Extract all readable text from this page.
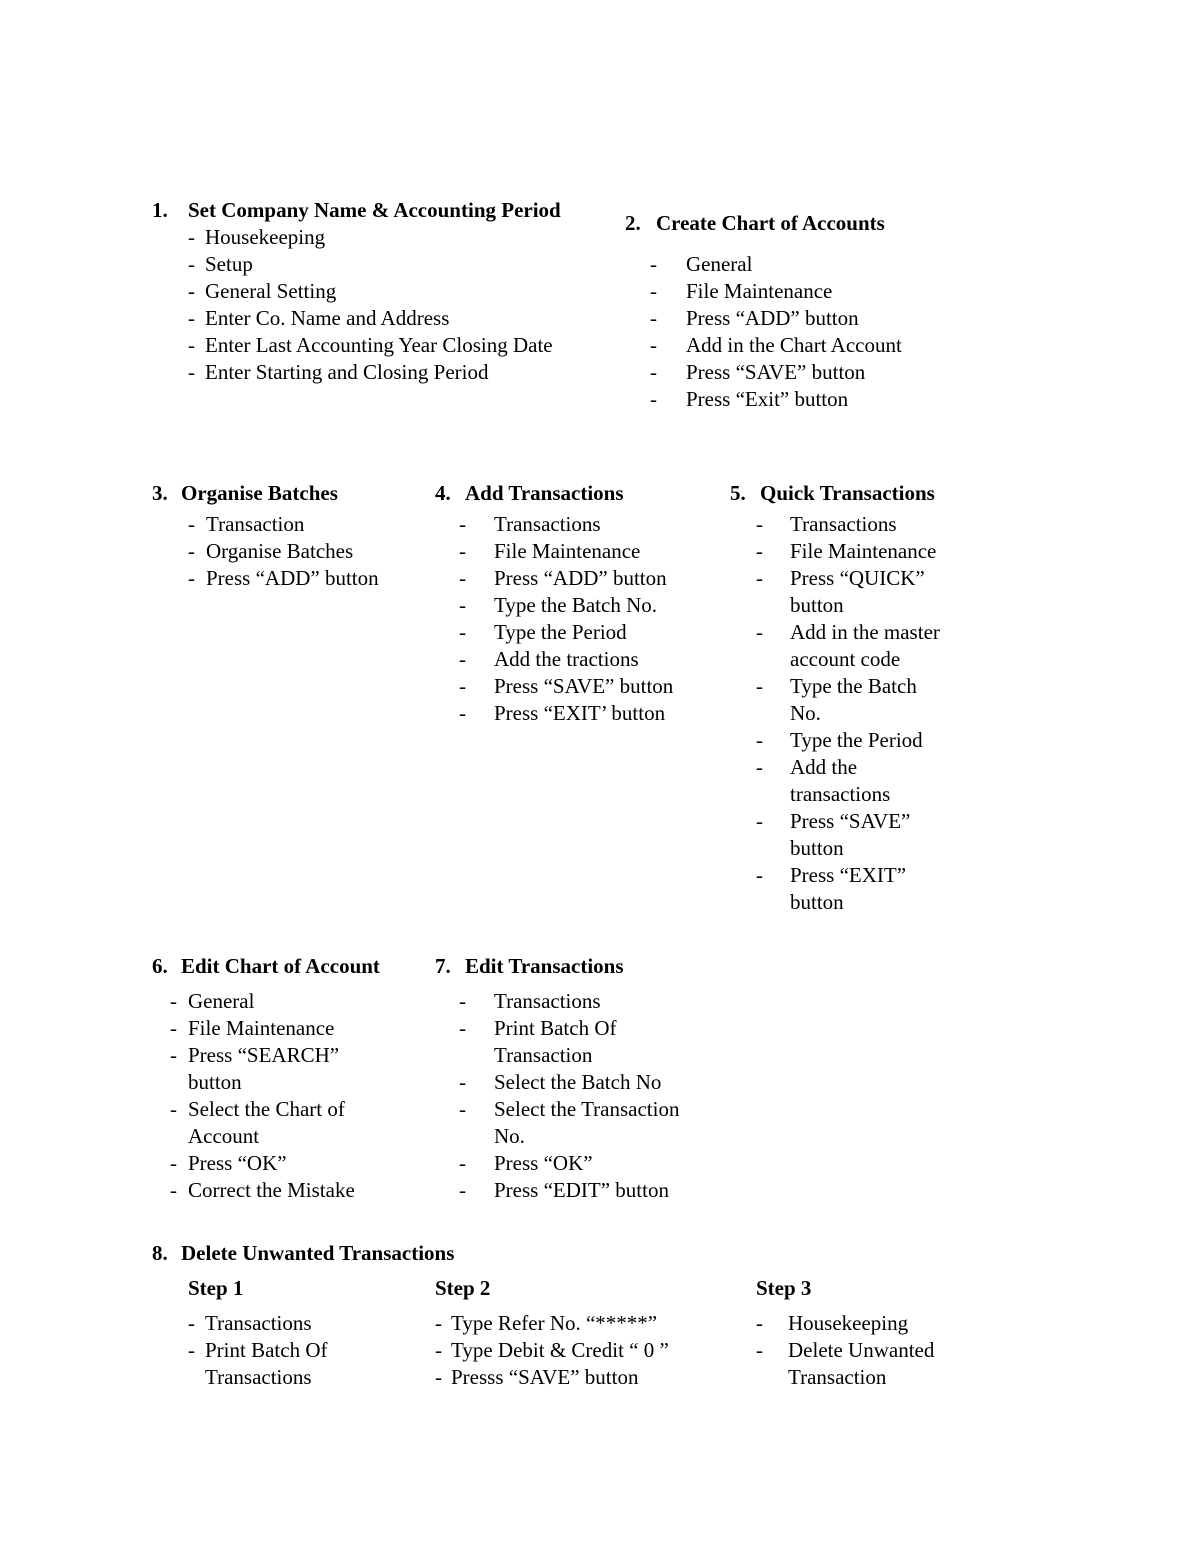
1. Set Company Name & Accounting Period
- Housekeeping
- Setup
- General Setting
- Enter Co. Name and Address
- Enter Last Accounting Year Closing Date
- Enter Starting and Closing Period
2. Create Chart of Accounts
- General
- File Maintenance
- Press “ADD” button
- Add in the Chart Account
- Press “SAVE” button
- Press “Exit” button
3. Organise Batches
- Transaction
- Organise Batches
- Press “ADD” button
4. Add Transactions
- Transactions
- File Maintenance
- Press “ADD” button
- Type the Batch No.
- Type the Period
- Add the tractions
- Press “SAVE” button
- Press “EXIT’ button
5. Quick Transactions
- Transactions
- File Maintenance
- Press “QUICK” button
- Add in the master account code
- Type the Batch No.
- Type the Period
- Add the transactions
- Press “SAVE” button
- Press “EXIT” button
6. Edit Chart of Account
- General
- File Maintenance
- Press “SEARCH” button
- Select the Chart of Account
- Press “OK”
- Correct the Mistake
7. Edit Transactions
- Transactions
- Print Batch Of Transaction
- Select the Batch No
- Select the Transaction No.
- Press “OK”
- Press “EDIT” button
8. Delete Unwanted Transactions
Step 1
- Transactions
- Print Batch Of Transactions
Step 2
- Type Refer No. “*****”
- Type Debit & Credit “ 0 ”
- Presss “SAVE” button
Step 3
- Housekeeping
- Delete Unwanted Transaction
